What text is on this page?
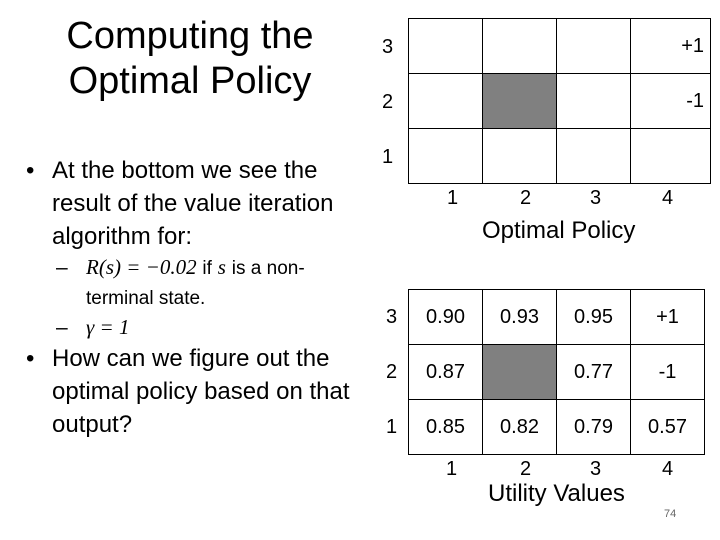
Computing the Optimal Policy
• At the bottom we see the result of the value iteration algorithm for:
– R(s) = −0.02 if s is a non-terminal state.
– γ = 1
• How can we figure out the optimal policy based on that output?
			+1
			-1

3
2
1
1	2	3	4
Optimal Policy
0.90	0.93	0.95	+1
0.87		0.77	-1
0.85	0.82	0.79	0.57
3
2
1
1	2	3	4
Utility Values
74
